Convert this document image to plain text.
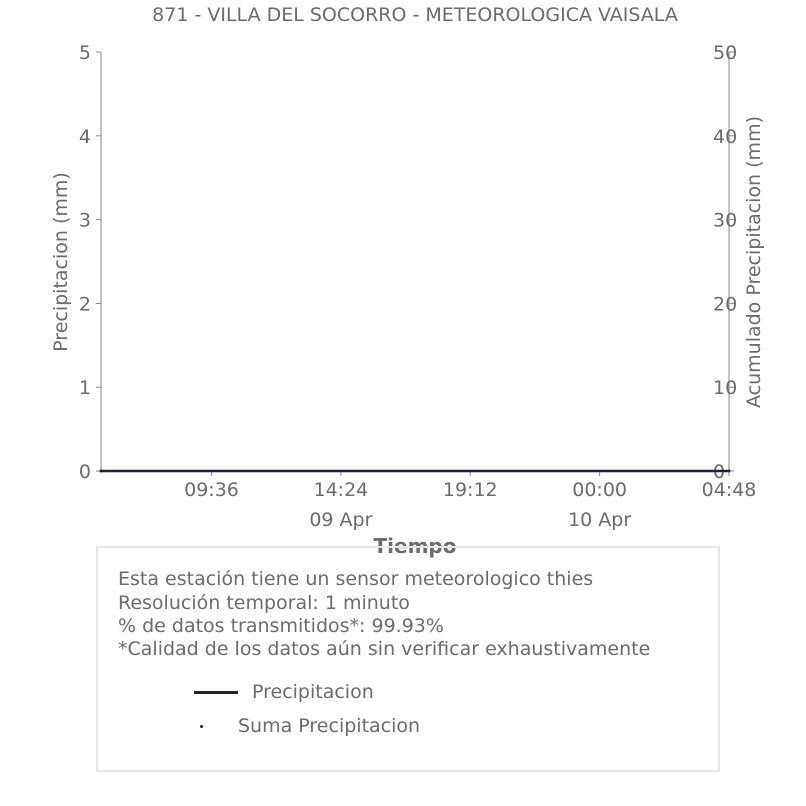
871 - VILLA DEL SOCORRO - METEOROLOGICA VAISALA
0
1
2
3
4
5
0
10
20
30
40
50
09:36	14:24
09 Apr
19:12	00:00
10 Apr
04:48
Precipitacion (mm)	Acumulado Precipitacion (mm)
Tiempo
Esta estación tiene un sensor meteorologico thies
Resolución temporal: 1 minuto
% de datos transmitidos*: 99.93%
*Calidad de los datos aún sin verificar exhaustivamente
Precipitacion
Suma Precipitacion
